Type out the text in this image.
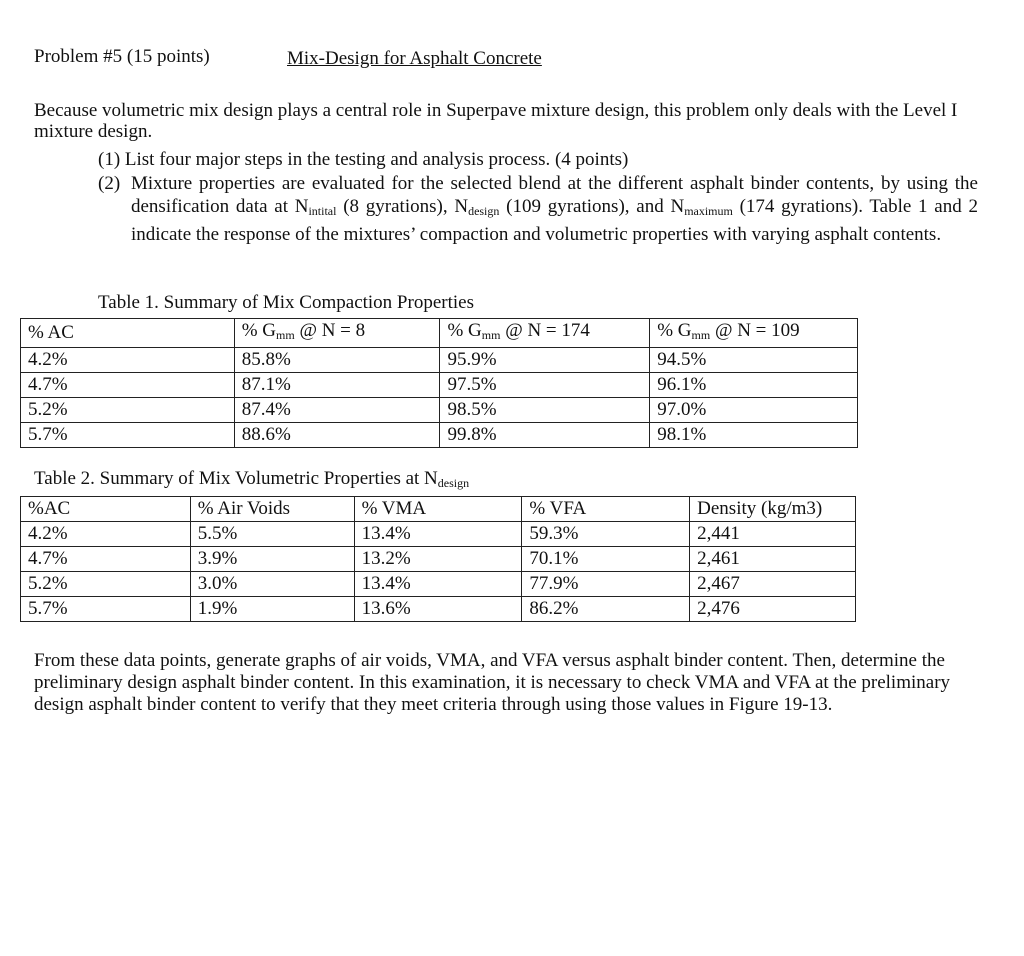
Problem #5 (15 points)	Mix-Design for Asphalt Concrete
Because volumetric mix design plays a central role in Superpave mixture design, this problem only deals with the Level I mixture design.
(1) List four major steps in the testing and analysis process. (4 points)
(2) Mixture properties are evaluated for the selected blend at the different asphalt binder contents, by using the densification data at $N_{intital}$ (8 gyrations), $N_{design}$ (109 gyrations), and $N_{maximum}$ (174 gyrations). Table 1 and 2 indicate the response of the mixtures’ compaction and volumetric properties with varying asphalt contents.
Table 1. Summary of Mix Compaction Properties
% AC	% $G_{mm}$ @ N = 8	% $G_{mm}$ @ N = 174	% $G_{mm}$ @ N = 109
4.2%	85.8%	95.9%	94.5%
4.7%	87.1%	97.5%	96.1%
5.2%	87.4%	98.5%	97.0%
5.7%	88.6%	99.8%	98.1%
Table 2. Summary of Mix Volumetric Properties at $N_{design}$
%AC	% Air Voids	% VMA	% VFA	Density (kg/m3)
4.2%	5.5%	13.4%	59.3%	2,441
4.7%	3.9%	13.2%	70.1%	2,461
5.2%	3.0%	13.4%	77.9%	2,467
5.7%	1.9%	13.6%	86.2%	2,476
From these data points, generate graphs of air voids, VMA, and VFA versus asphalt binder content. Then, determine the preliminary design asphalt binder content. In this examination, it is necessary to check VMA and VFA at the preliminary design asphalt binder content to verify that they meet criteria through using those values in Figure 19-13.
